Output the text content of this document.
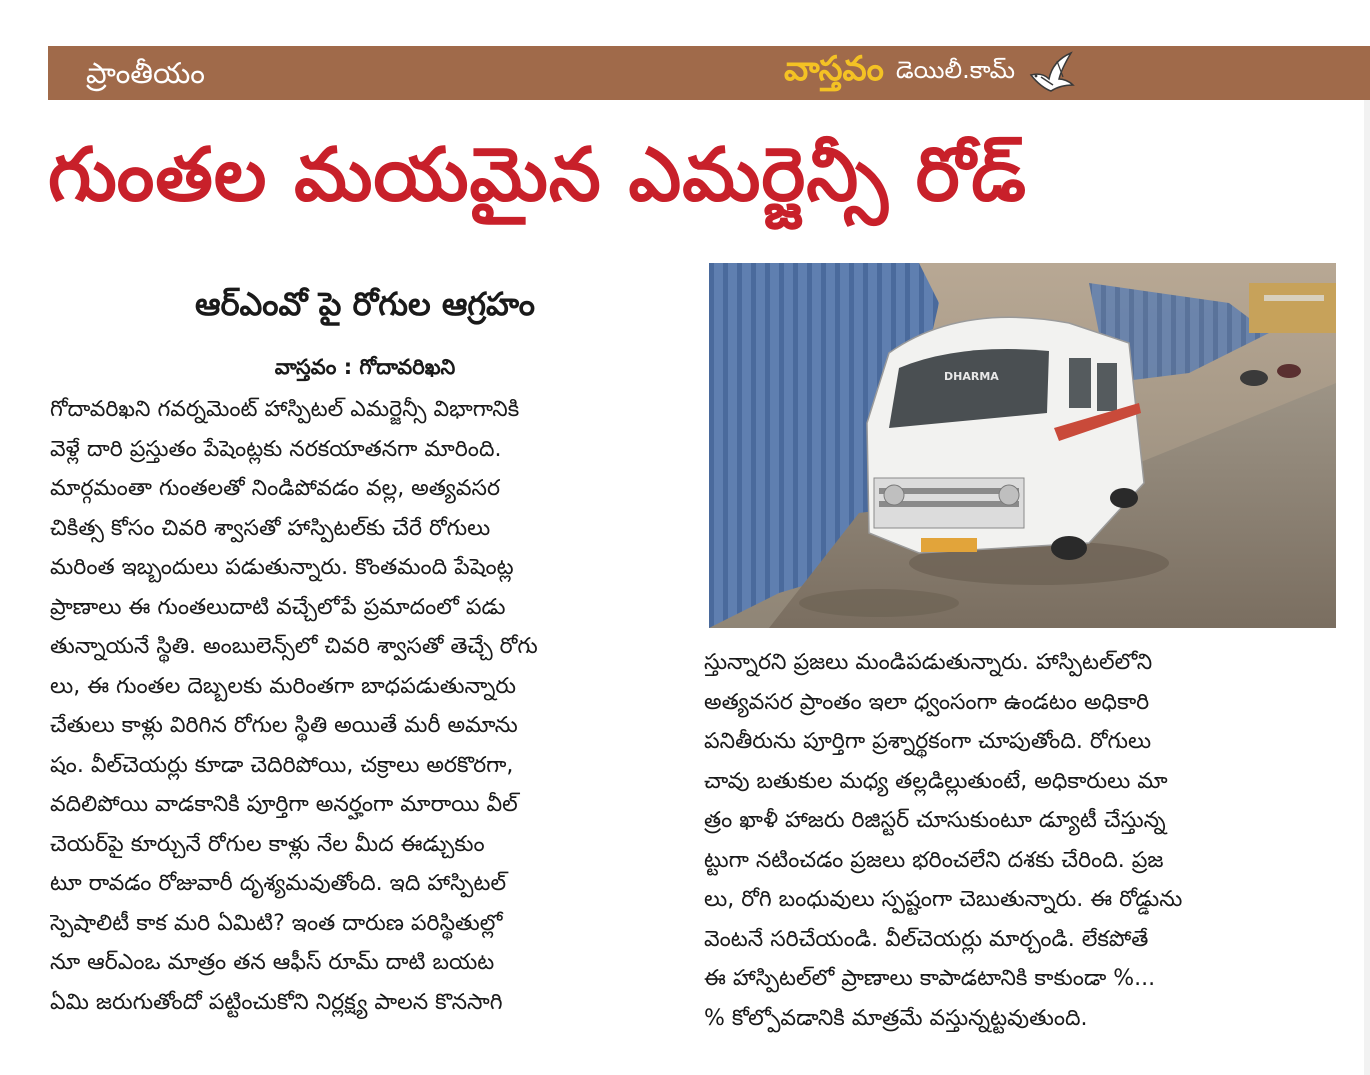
ప్రాంతీయం	వాస్తవం డెయిలీ.కామ్
గుంతల మయమైన ఎమర్జెన్సీ రోడ్
ఆర్ఎంవో పై రోగుల ఆగ్రహం
వాస్తవం : గోదావరిఖని

గోదావరిఖని గవర్నమెంట్ హాస్పిటల్ ఎమర్జెన్సీ విభాగానికి
వెళ్లే దారి ప్రస్తుతం పేషెంట్లకు నరకయాతనగా మారింది.
మార్గమంతా గుంతలతో నిండిపోవడం వల్ల, అత్యవసర
చికిత్స కోసం చివరి శ్వాసతో హాస్పిటల్‌కు చేరే రోగులు
మరింత ఇబ్బందులు పడుతున్నారు. కొంతమంది పేషెంట్ల
ప్రాణాలు ఈ గుంతలుదాటి వచ్చేలోపే ప్రమాదంలో పడు
తున్నాయనే స్థితి. అంబులెన్స్‌లో చివరి శ్వాసతో తెచ్చే రోగు
లు, ఈ గుంతల దెబ్బలకు మరింతగా బాధపడుతున్నారు
చేతులు కాళ్లు విరిగిన రోగుల స్థితి అయితే మరీ అమాను
షం. వీల్‌చెయర్లు కూడా చెదిరిపోయి, చక్రాలు అరకొరగా,
వదిలిపోయి వాడకానికి పూర్తిగా అనర్హంగా మారాయి వీల్
చెయర్‌పై కూర్చునే రోగుల కాళ్లు నేల మీద ఈడ్చుకుం
టూ రావడం రోజువారీ దృశ్యమవుతోంది. ఇది హాస్పిటల్
స్పెషాలిటీ కాక మరి ఏమిటి? ఇంత దారుణ పరిస్థితుల్లో
నూ ఆర్ఎంఒ మాత్రం తన ఆఫీస్ రూమ్ దాటి బయట
ఏమి జరుగుతోందో పట్టించుకోని నిర్లక్ష్య పాలన కొనసాగి

DHARMA

స్తున్నారని ప్రజలు మండిపడుతున్నారు. హాస్పిటల్‌లోని
అత్యవసర ప్రాంతం ఇలా ధ్వంసంగా ఉండటం అధికారి
పనితీరును పూర్తిగా ప్రశ్నార్థకంగా చూపుతోంది. రోగులు
చావు బతుకుల మధ్య తల్లడిల్లుతుంటే, అధికారులు మా
త్రం ఖాళీ హాజరు రిజిస్టర్ చూసుకుంటూ డ్యూటీ చేస్తున్న
ట్టుగా నటించడం ప్రజలు భరించలేని దశకు చేరింది. ప్రజ
లు, రోగి బంధువులు స్పష్టంగా చెబుతున్నారు. ఈ రోడ్డును
వెంటనే సరిచేయండి. వీల్‌చెయర్లు మార్చండి. లేకపోతే
ఈ హాస్పిటల్‌లో ప్రాణాలు కాపాడటానికి కాకుండా %...
% కోల్పోవడానికి మాత్రమే వస్తున్నట్టవుతుంది.
